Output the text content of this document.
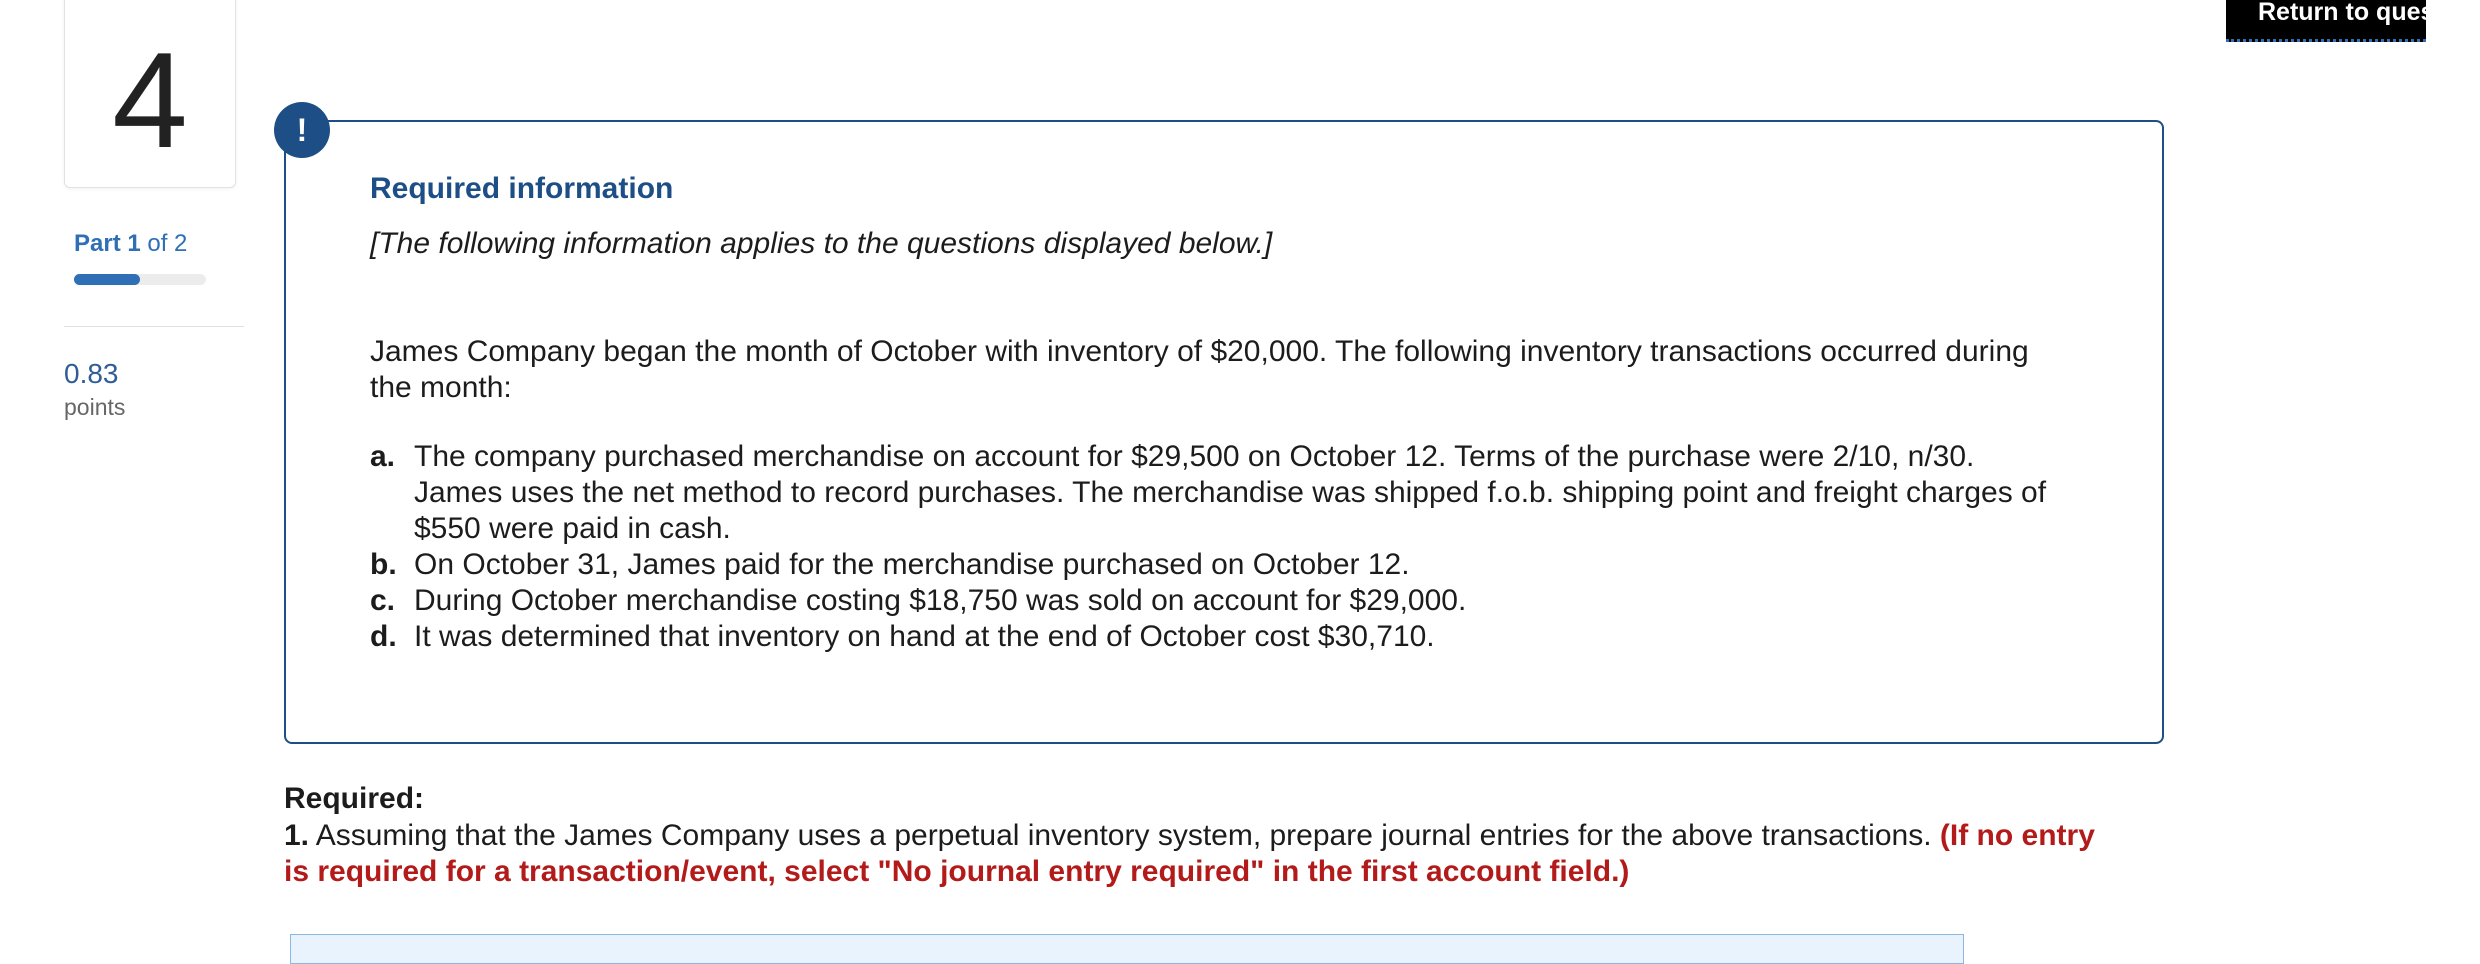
4
Part 1 of 2
0.83
points
Return to question
!
Required information
[The following information applies to the questions displayed below.]
James Company began the month of October with inventory of $20,000. The following inventory transactions occurred during the month:
a. The company purchased merchandise on account for $29,500 on October 12. Terms of the purchase were 2/10, n/30. James uses the net method to record purchases. The merchandise was shipped f.o.b. shipping point and freight charges of $550 were paid in cash.
b. On October 31, James paid for the merchandise purchased on October 12.
c. During October merchandise costing $18,750 was sold on account for $29,000.
d. It was determined that inventory on hand at the end of October cost $30,710.
Required:
1. Assuming that the James Company uses a perpetual inventory system, prepare journal entries for the above transactions. (If no entry is required for a transaction/event, select "No journal entry required" in the first account field.)
